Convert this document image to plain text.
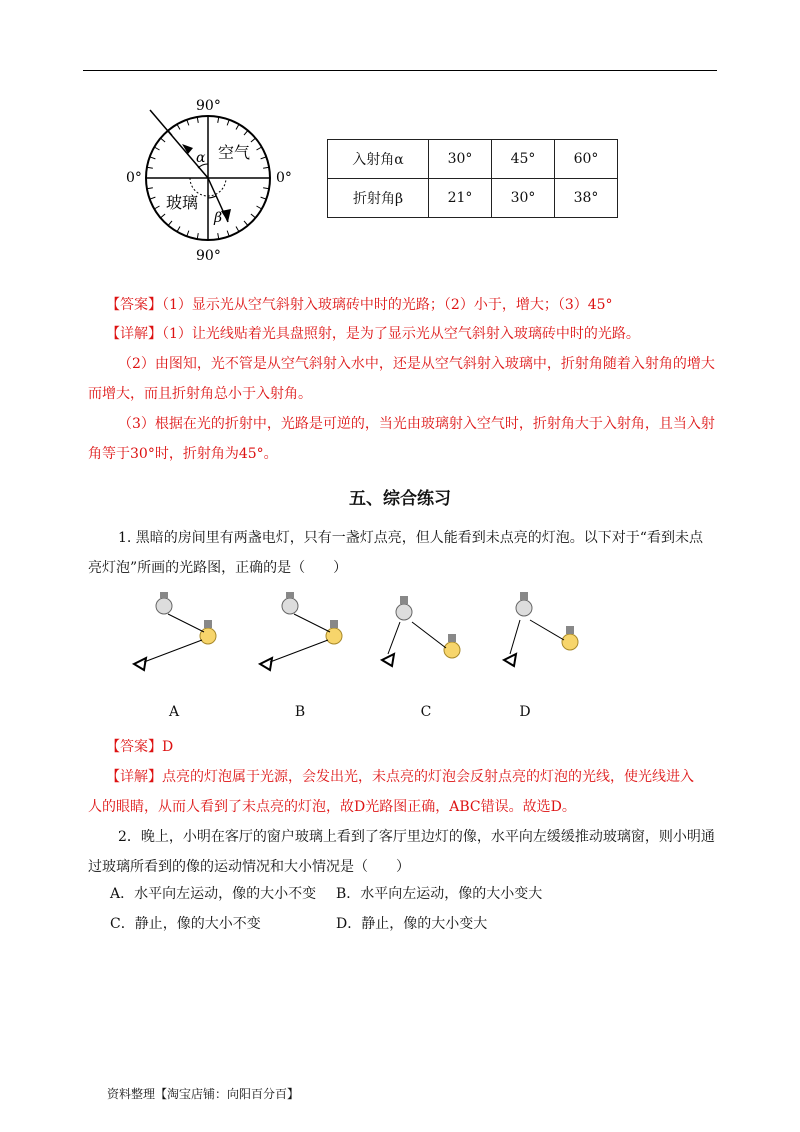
α
β
空气
玻璃
90°
90°
0°	0°
入射角α	30°	45°	60°
折射角β	21°	30°	38°
【答案】（1）显示光从空气斜射入玻璃砖中时的光路；（2）小于，增大；（3）45°
【详解】（1）让光线贴着光具盘照射，是为了显示光从空气斜射入玻璃砖中时的光路。
（2）由图知，光不管是从空气斜射入水中，还是从空气斜射入玻璃中，折射角随着入射角的增大
而增大，而且折射角总小于入射角。
（3）根据在光的折射中，光路是可逆的，当光由玻璃射入空气时，折射角大于入射角，且当入射
角等于30°时，折射角为45°。
五、综合练习
1. 黑暗的房间里有两盏电灯，只有一盏灯点亮，但人能看到未点亮的灯泡。以下对于“看到未点
亮灯泡”所画的光路图，正确的是（　　）
A	B	C	D
【答案】D
【详解】点亮的灯泡属于光源，会发出光，未点亮的灯泡会反射点亮的灯泡的光线，使光线进入
人的眼睛，从而人看到了未点亮的灯泡，故D光路图正确，ABC错误。故选D。
2．晚上，小明在客厅的窗户玻璃上看到了客厅里边灯的像，水平向左缓缓推动玻璃窗，则小明通
过玻璃所看到的像的运动情况和大小情况是（　　）
A．水平向左运动，像的大小不变 B．水平向左运动，像的大小变大
C．静止，像的大小不变	D．静止，像的大小变大
资料整理【淘宝店铺：向阳百分百】
